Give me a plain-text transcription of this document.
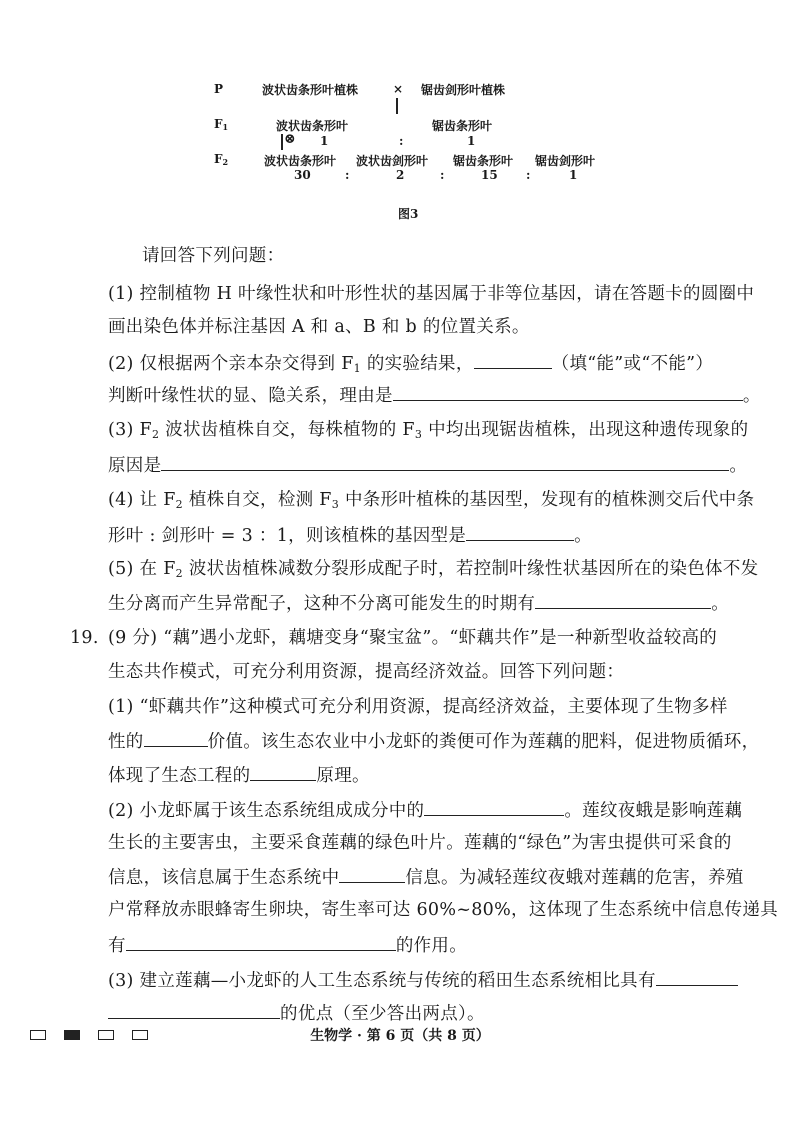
P	波状齿条形叶植株	× 锯齿剑形叶植株
F1	波状齿条形叶	锯齿条形叶
⊗ 1	:	1
F2	波状齿条形叶 波状齿剑形叶 锯齿条形叶 锯齿剑形叶
30	:	2	:	15 :	1
图3
请回答下列问题：
(1) 控制植物 H 叶缘性状和叶形性状的基因属于非等位基因，请在答题卡的圆圈中
画出染色体并标注基因 A 和 a、B 和 b 的位置关系。
(2) 仅根据两个亲本杂交得到 $F_1$ 的实验结果，	（填“能”或“不能”）
判断叶缘性状的显、隐关系，理由是	。
(3) $F_2$ 波状齿植株自交，每株植物的 $F_3$ 中均出现锯齿植株，出现这种遗传现象的
原因是	。
(4) 让 $F_2$ 植株自交，检测 $F_3$ 中条形叶植株的基因型，发现有的植株测交后代中条
形叶 : 剑形叶 = 3 ：1，则该植株的基因型是	。
(5) 在 $F_2$ 波状齿植株减数分裂形成配子时，若控制叶缘性状基因所在的染色体不发
生分离而产生异常配子，这种不分离可能发生的时期有	。
19. (9 分) “藕”遇小龙虾，藕塘变身“聚宝盆”。“虾藕共作”是一种新型收益较高的
生态共作模式，可充分利用资源，提高经济效益。回答下列问题：
(1) “虾藕共作”这种模式可充分利用资源，提高经济效益，主要体现了生物多样
性的	价值。该生态农业中小龙虾的粪便可作为莲藕的肥料，促进物质循环，
体现了生态工程的	原理。
(2) 小龙虾属于该生态系统组成成分中的	。莲纹夜蛾是影响莲藕
生长的主要害虫，主要采食莲藕的绿色叶片。莲藕的“绿色”为害虫提供可采食的
信息，该信息属于生态系统中	信息。为减轻莲纹夜蛾对莲藕的危害，养殖
户常释放赤眼蜂寄生卵块，寄生率可达 60%~80%，这体现了生态系统中信息传递具
有	的作用。
(3) 建立莲藕—小龙虾的人工生态系统与传统的稻田生态系统相比具有
的优点（至少答出两点）。
生物学 · 第 6 页（共 8 页）
